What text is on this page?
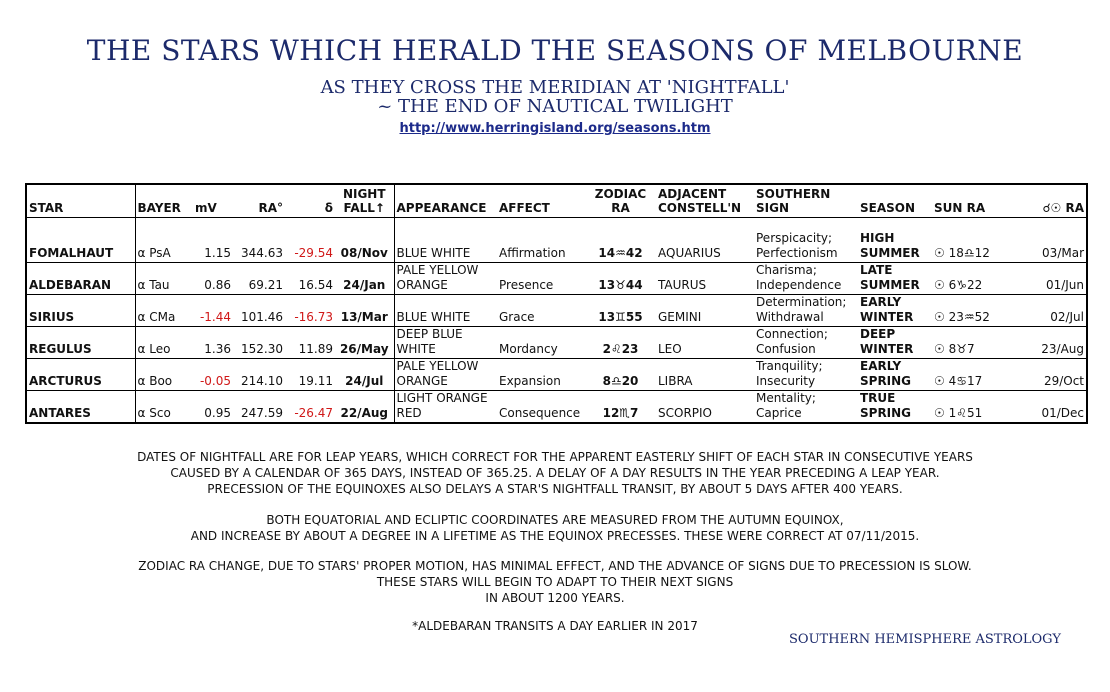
THE STARS WHICH HERALD THE SEASONS OF MELBOURNE
AS THEY CROSS THE MERIDIAN AT 'NIGHTFALL'
~ THE END OF NAUTICAL TWILIGHT
http://www.herringisland.org/seasons.htm
STAR	BAYER	mV	RA°	δ	NIGHT FALL↑	APPEARANCE	AFFECT	ZODIAC RA	ADJACENT CONSTELL'N	SOUTHERN SIGN	SEASON	SUN RA	☌☉ RA
FOMALHAUT	α PsA	1.15	344.63	-29.54	08/Nov	BLUE WHITE	Affirmation	14♒42	AQUARIUS	Perspicacity; Perfectionism	HIGH SUMMER	☉ 18♎12	03/Mar
ALDEBARAN	α Tau	0.86	69.21	16.54	24/Jan	PALE YELLOW ORANGE	Presence	13♉44	TAURUS	Charisma; Independence	LATE SUMMER	☉ 6♑22	01/Jun
SIRIUS	α CMa	-1.44	101.46	-16.73	13/Mar	BLUE WHITE	Grace	13♊55	GEMINI	Determination; Withdrawal	EARLY WINTER	☉ 23♒52	02/Jul
REGULUS	α Leo	1.36	152.30	11.89	26/May	DEEP BLUE WHITE	Mordancy	2♌23	LEO	Connection; Confusion	DEEP WINTER	☉ 8♉7	23/Aug
ARCTURUS	α Boo	-0.05	214.10	19.11	24/Jul	PALE YELLOW ORANGE	Expansion	8♎20	LIBRA	Tranquility; Insecurity	EARLY SPRING	☉ 4♋17	29/Oct
ANTARES	α Sco	0.95	247.59	-26.47	22/Aug	LIGHT ORANGE RED	Consequence	12♏7	SCORPIO	Mentality; Caprice	TRUE SPRING	☉ 1♌51	01/Dec
DATES OF NIGHTFALL ARE FOR LEAP YEARS, WHICH CORRECT FOR THE APPARENT EASTERLY SHIFT OF EACH STAR IN CONSECUTIVE YEARS
CAUSED BY A CALENDAR OF 365 DAYS, INSTEAD OF 365.25. A DELAY OF A DAY RESULTS IN THE YEAR PRECEDING A LEAP YEAR.
PRECESSION OF THE EQUINOXES ALSO DELAYS A STAR'S NIGHTFALL TRANSIT, BY ABOUT 5 DAYS AFTER 400 YEARS.
BOTH EQUATORIAL AND ECLIPTIC COORDINATES ARE MEASURED FROM THE AUTUMN EQUINOX,
AND INCREASE BY ABOUT A DEGREE IN A LIFETIME AS THE EQUINOX PRECESSES. THESE WERE CORRECT AT 07/11/2015.
ZODIAC RA CHANGE, DUE TO STARS' PROPER MOTION, HAS MINIMAL EFFECT, AND THE ADVANCE OF SIGNS DUE TO PRECESSION IS SLOW.
THESE STARS WILL BEGIN TO ADAPT TO THEIR NEXT SIGNS
IN ABOUT 1200 YEARS.
*ALDEBARAN TRANSITS A DAY EARLIER IN 2017
SOUTHERN HEMISPHERE ASTROLOGY
